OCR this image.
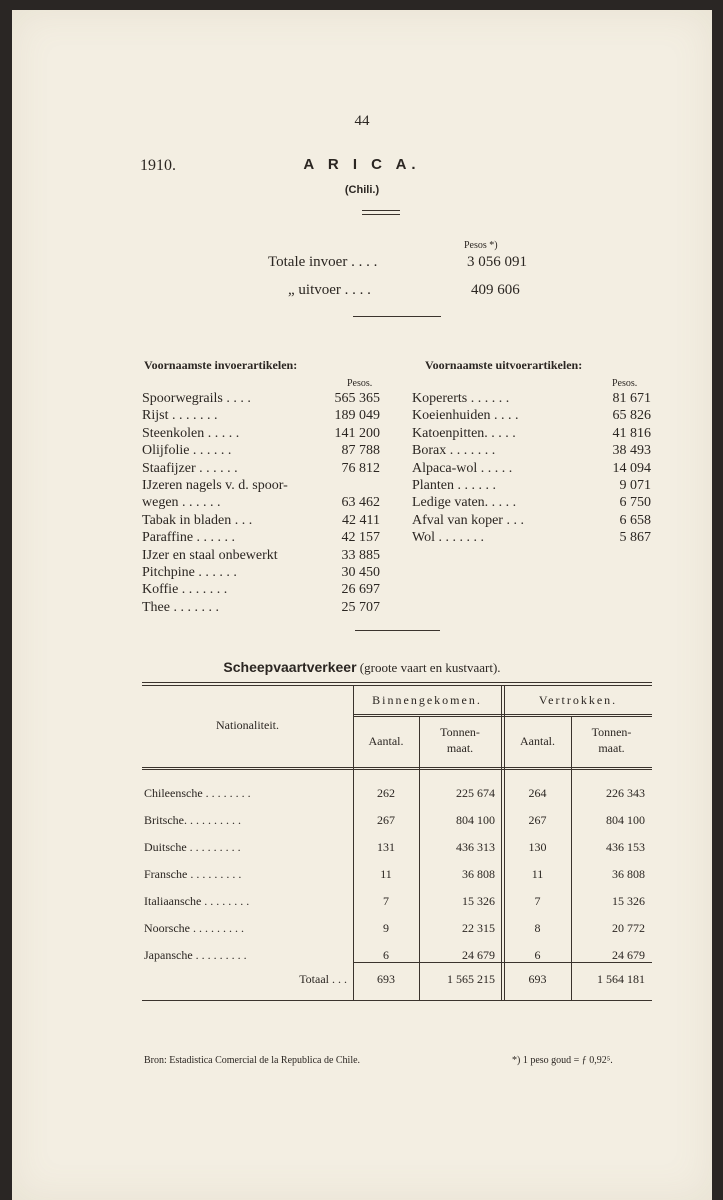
44
1910.	A R I C A.
(Chili.)
Pesos *)
Totale invoer . . . .	3 056 091
„ uitvoer . . . .	409 606
Voornaamste invoerartikelen:	Voornaamste uitvoerartikelen:
Pesos.	Pesos.
Spoorwegrails . . . .	565 365
Rijst . . . . . . .	189 049
Steenkolen . . . . .	141 200
Olijfolie . . . . . .	87 788
Staafijzer . . . . . .	76 812
IJzeren nagels v. d. spoor-
wegen . . . . . .	63 462
Tabak in bladen . . .	42 411
Paraffine . . . . . .	42 157
IJzer en staal onbewerkt	33 885
Pitchpine . . . . . .	30 450
Koffie . . . . . . .	26 697
Thee . . . . . . .	25 707
Kopererts . . . . . .	81 671
Koeienhuiden . . . .	65 826
Katoenpitten. . . . .	41 816
Borax . . . . . . .	38 493
Alpaca-wol . . . . .	14 094
Planten . . . . . .	9 071
Ledige vaten. . . . .	6 750
Afval van koper . . .	6 658
Wol . . . . . . .	5 867
Scheepvaartverkeer (groote vaart en kustvaart).
Nationaliteit.
Binnengekomen.	Vertrokken.
Aantal.
Tonnen-
maat.	Aantal.
Tonnen-
maat.
Chileensche . . . . . . . .	262	225 674	264	226 343
Britsche. . . . . . . . . .	267	804 100	267	804 100
Duitsche . . . . . . . . .	131	436 313	130	436 153
Fransche . . . . . . . . .	11	36 808	11	36 808
Italiaansche . . . . . . . .	7	15 326	7	15 326
Noorsche . . . . . . . . .	9	22 315	8	20 772
Japansche . . . . . . . . .	6	24 679	6	24 679
Totaal . . .	693	1 565 215	693	1 564 181
Bron: Estadistica Comercial de la Republica de Chile.	*) 1 peso goud = ƒ 0,92⁵.
